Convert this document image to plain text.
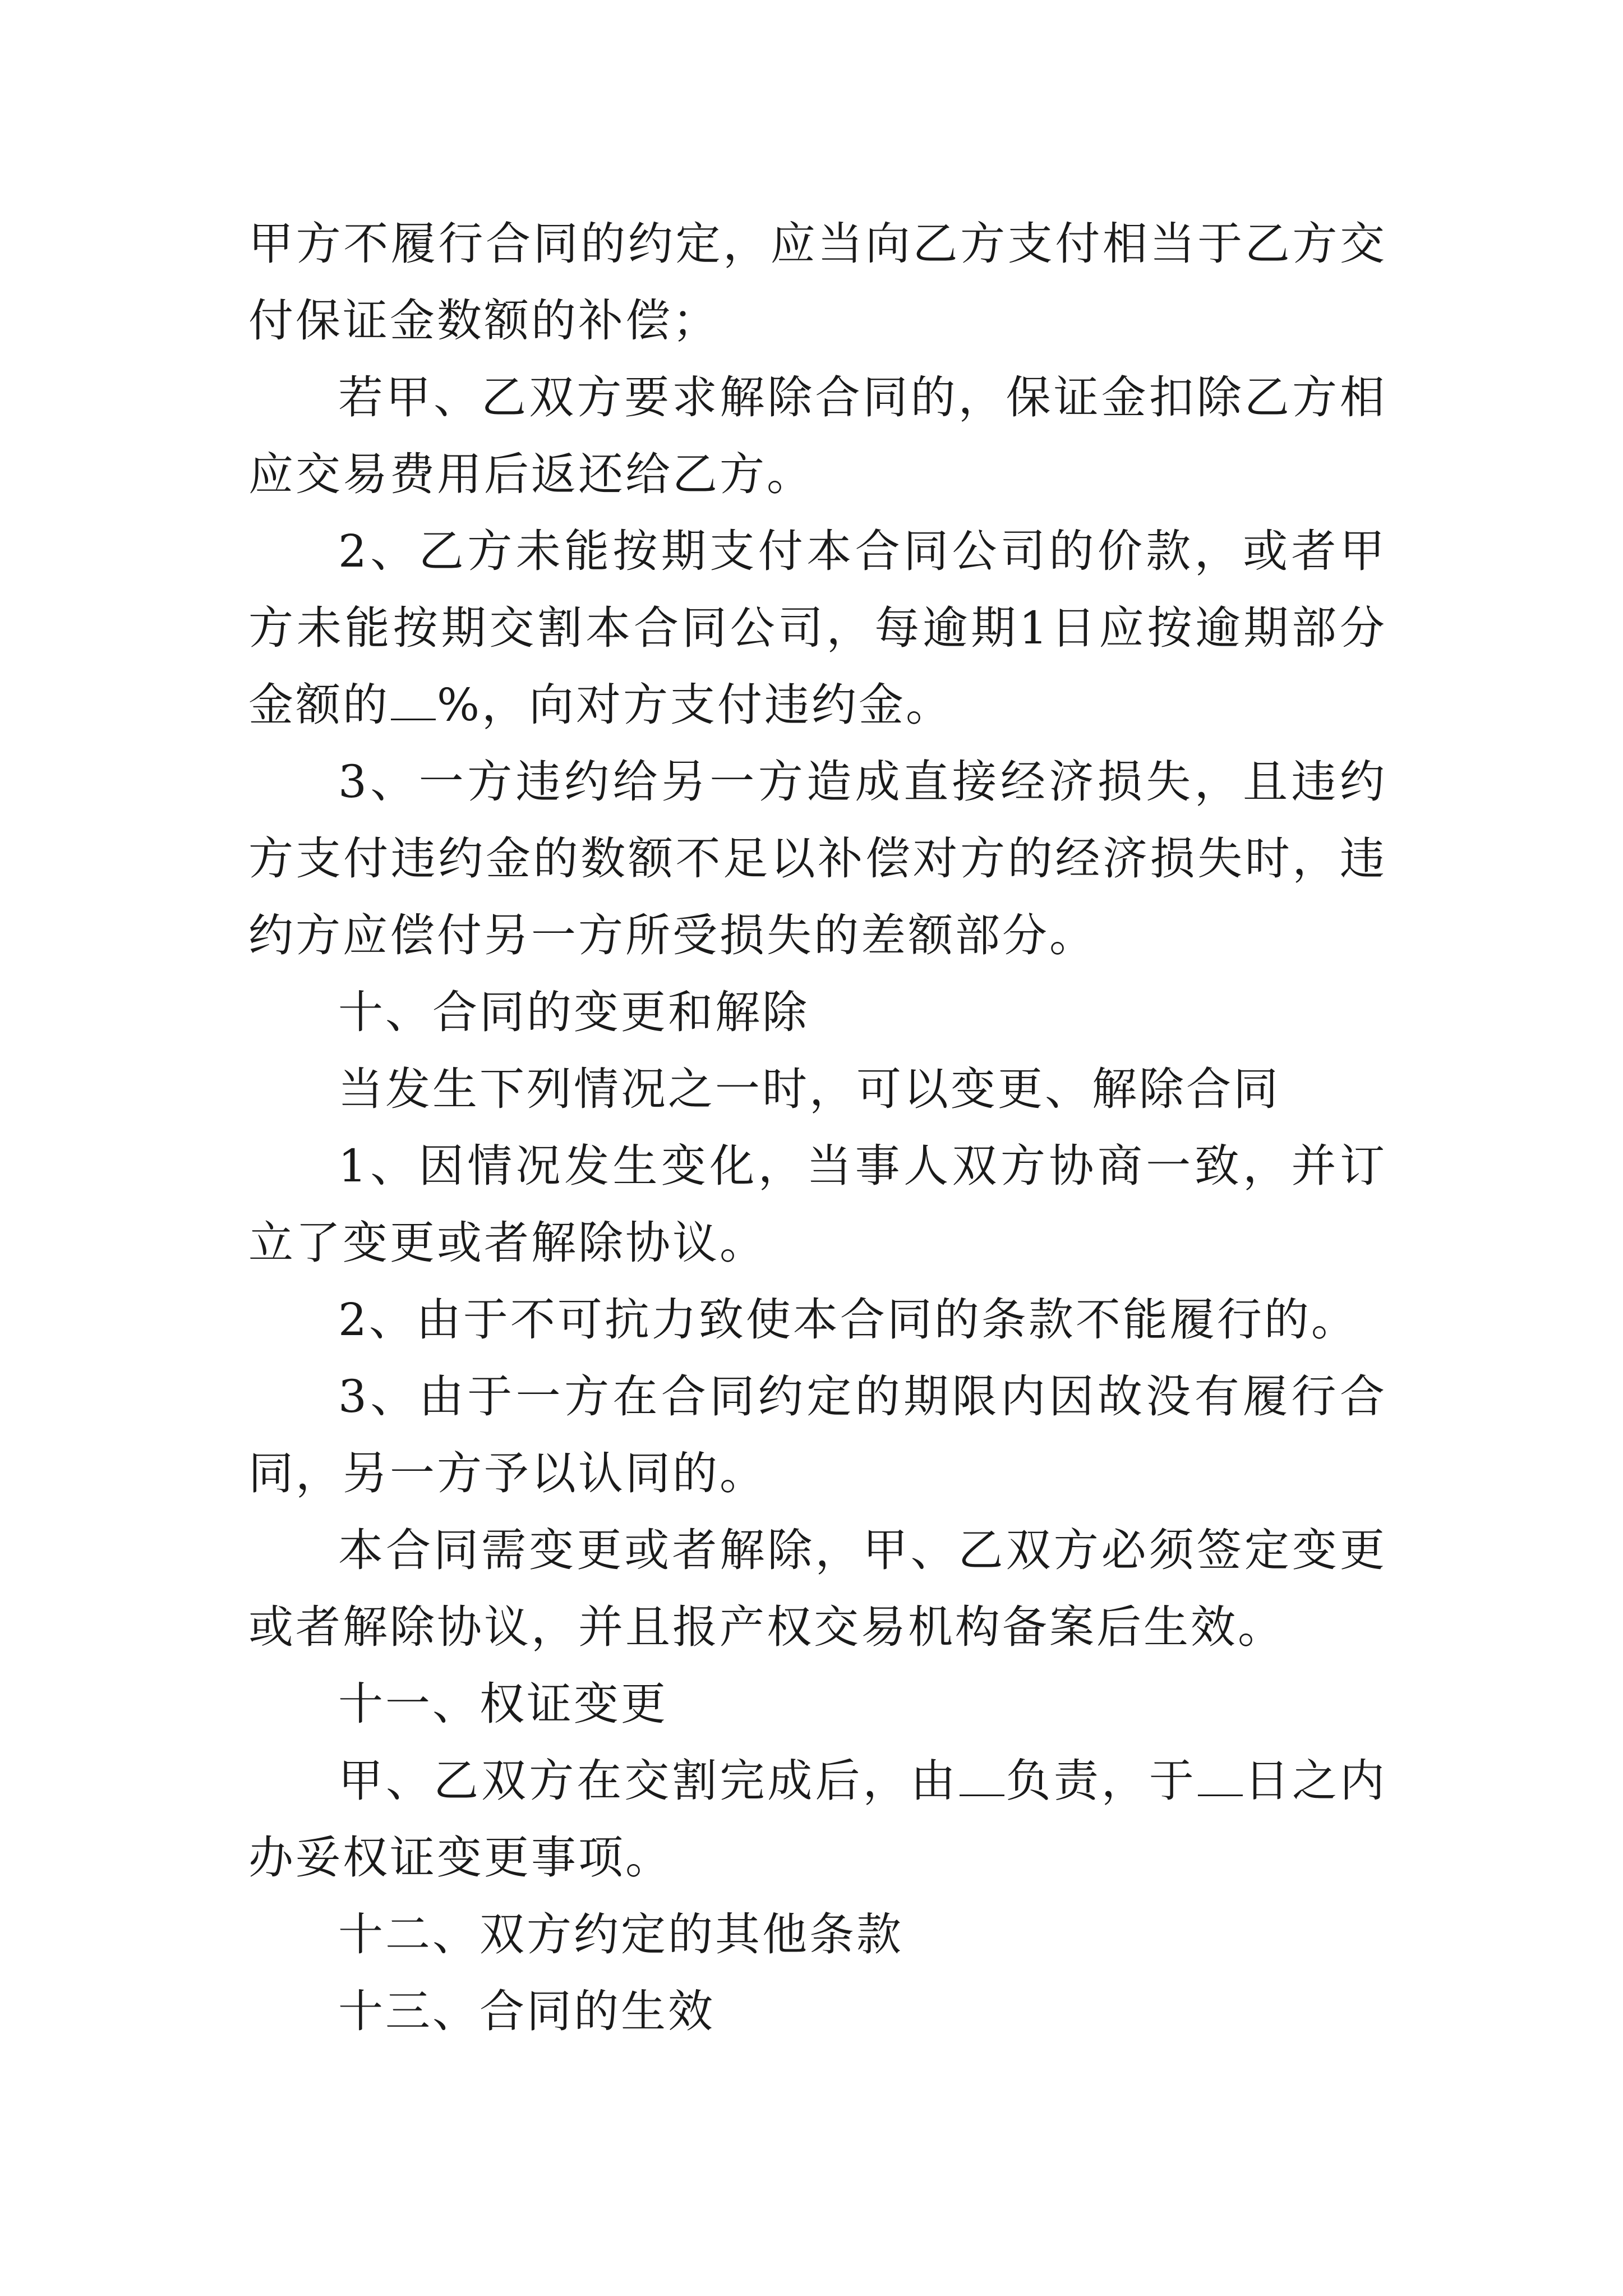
甲方不履行合同的约定，应当向乙方支付相当于乙方交付保证金数额的补偿；

若甲、乙双方要求解除合同的，保证金扣除乙方相应交易费用后返还给乙方。

2、乙方未能按期支付本合同公司的价款，或者甲方未能按期交割本合同公司，每逾期1日应按逾期部分金额的 %，向对方支付违约金。

3、一方违约给另一方造成直接经济损失，且违约方支付违约金的数额不足以补偿对方的经济损失时，违约方应偿付另一方所受损失的差额部分。

十、合同的变更和解除

当发生下列情况之一时，可以变更、解除合同

1、因情况发生变化，当事人双方协商一致，并订立了变更或者解除协议。

2、由于不可抗力致使本合同的条款不能履行的。

3、由于一方在合同约定的期限内因故没有履行合同，另一方予以认同的。

本合同需变更或者解除，甲、乙双方必须签定变更或者解除协议，并且报产权交易机构备案后生效。

十一、权证变更

甲、乙双方在交割完成后，由 负责，于 日之内办妥权证变更事项。

十二、双方约定的其他条款

十三、合同的生效
